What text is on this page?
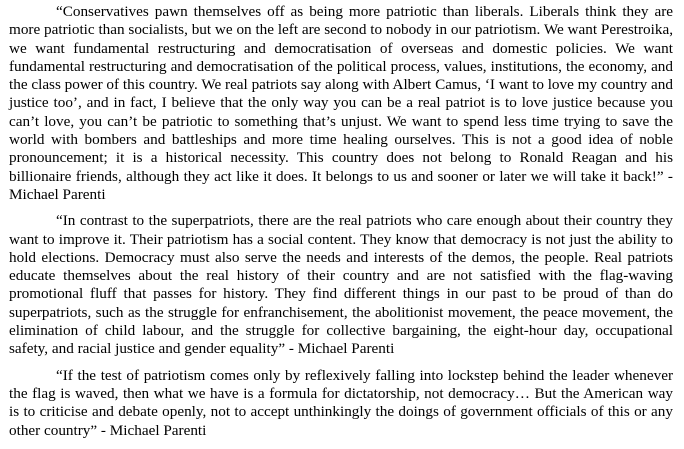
“Conservatives pawn themselves off as being more patriotic than liberals. Liberals think they are more patriotic than socialists, but we on the left are second to nobody in our patriotism. We want Perestroika, we want fundamental restructuring and democratisation of overseas and domestic policies. We want fundamental restructuring and democratisation of the political process, values, institutions, the economy, and the class power of this country. We real patriots say along with Albert Camus, ‘I want to love my country and justice too’, and in fact, I believe that the only way you can be a real patriot is to love justice because you can’t love, you can’t be patriotic to something that’s unjust. We want to spend less time trying to save the world with bombers and battleships and more time healing ourselves. This is not a good idea of noble pronouncement; it is a historical necessity. This country does not belong to Ronald Reagan and his billionaire friends, although they act like it does. It belongs to us and sooner or later we will take it back!” - Michael Parenti

“In contrast to the superpatriots, there are the real patriots who care enough about their country they want to improve it. Their patriotism has a social content. They know that democracy is not just the ability to hold elections. Democracy must also serve the needs and interests of the demos, the people. Real patriots educate themselves about the real history of their country and are not satisfied with the flag-waving promotional fluff that passes for history. They find different things in our past to be proud of than do superpatriots, such as the struggle for enfranchisement, the abolitionist movement, the peace movement, the elimination of child labour, and the struggle for collective bargaining, the eight-hour day, occupational safety, and racial justice and gender equality” - Michael Parenti

“If the test of patriotism comes only by reflexively falling into lockstep behind the leader whenever the flag is waved, then what we have is a formula for dictatorship, not democracy… But the American way is to criticise and debate openly, not to accept unthinkingly the doings of government officials of this or any other country” - Michael Parenti
